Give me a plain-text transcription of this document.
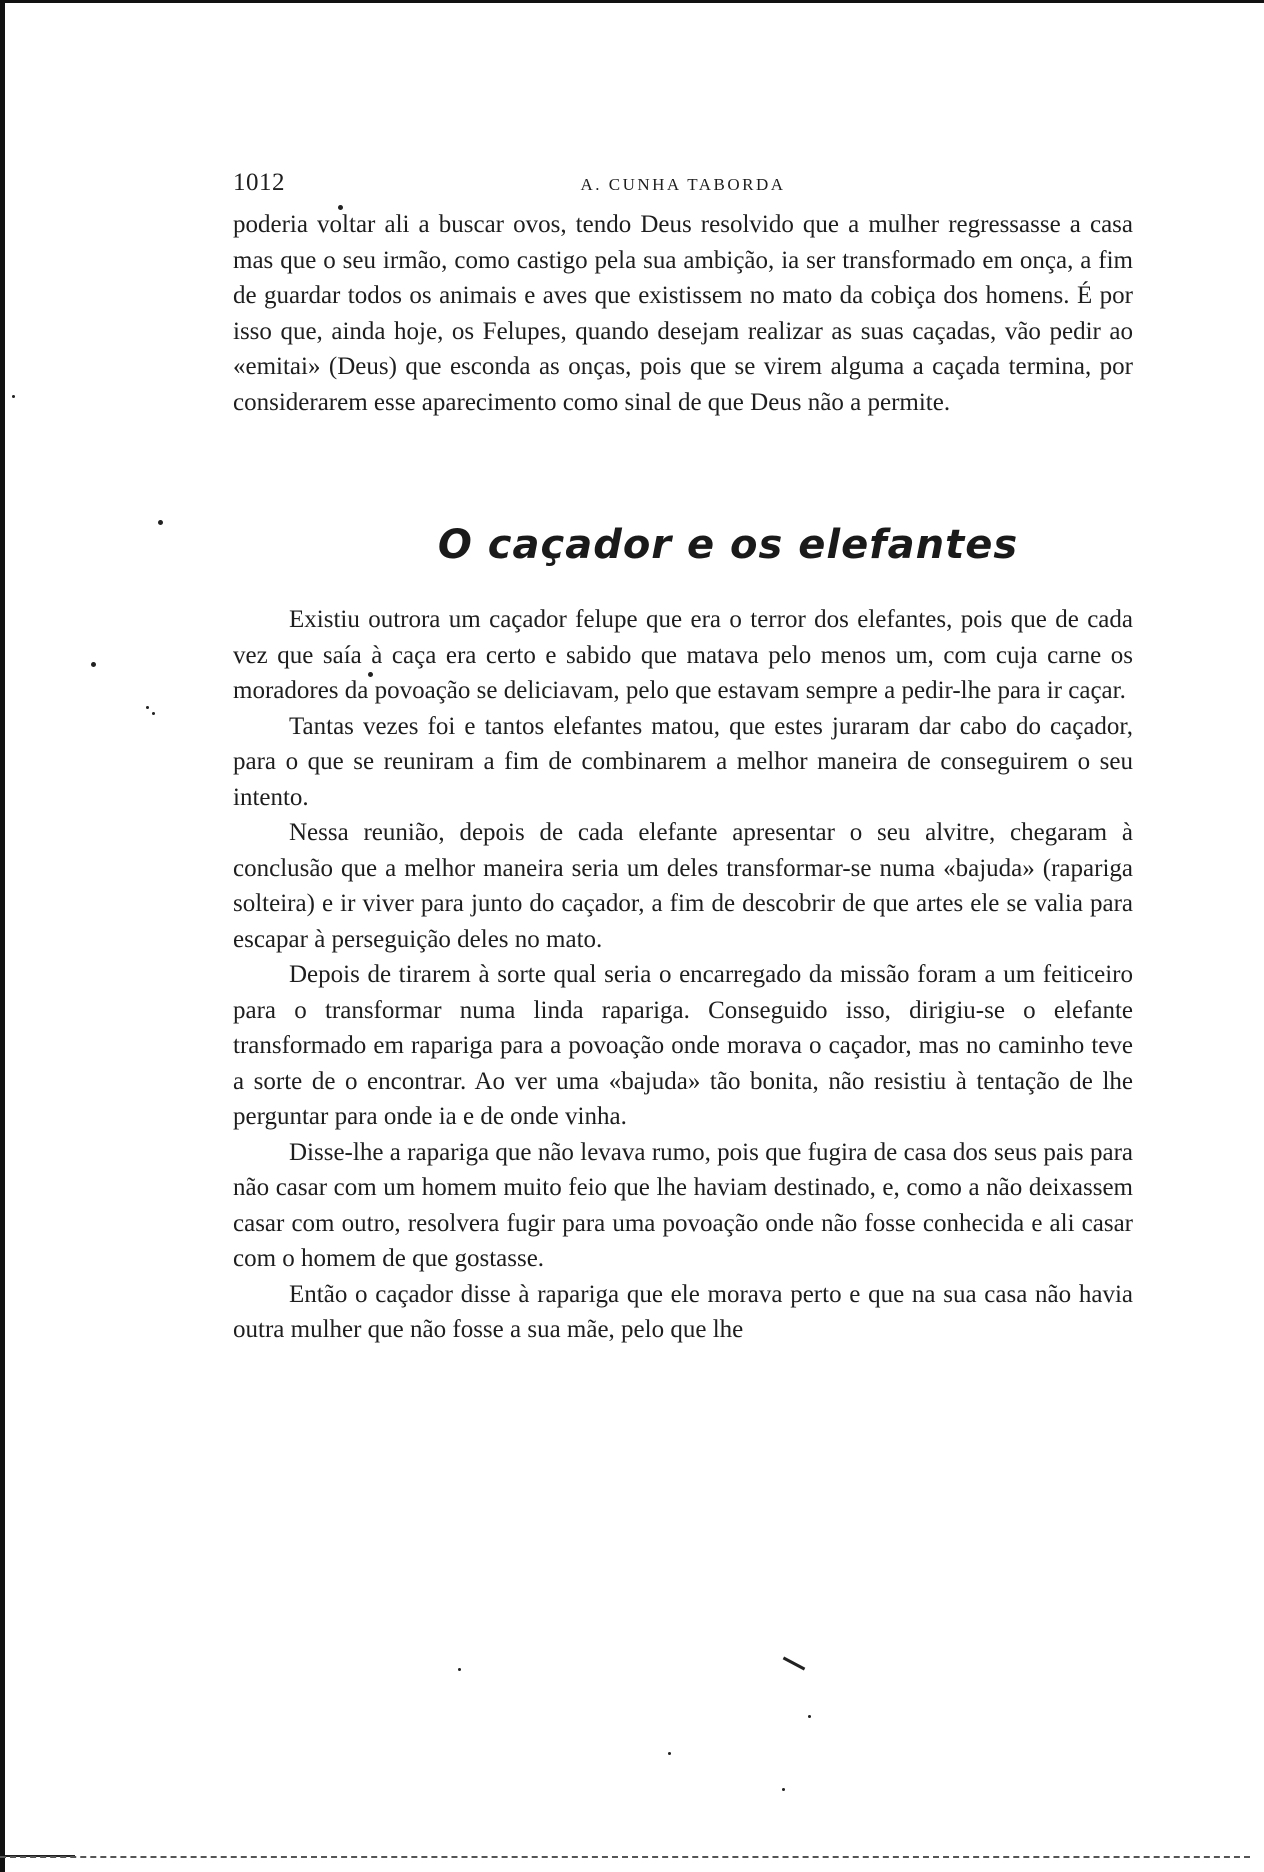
1012	A. CUNHA TABORDA

poderia voltar ali a buscar ovos, tendo Deus resolvido que a mulher regressasse a casa mas que o seu irmão, como castigo pela sua ambição, ia ser transformado em onça, a fim de guardar todos os animais e aves que existissem no mato da cobiça dos homens. É por isso que, ainda hoje, os Felupes, quando desejam realizar as suas caçadas, vão pedir ao «emitai» (Deus) que esconda as onças, pois que se virem alguma a caçada termina, por considerarem esse aparecimento como sinal de que Deus não a permite.

O caçador e os elefantes

Existiu outrora um caçador felupe que era o terror dos elefantes, pois que de cada vez que saía à caça era certo e sabido que matava pelo menos um, com cuja carne os moradores da povoação se deliciavam, pelo que estavam sempre a pedir-lhe para ir caçar.

Tantas vezes foi e tantos elefantes matou, que estes juraram dar cabo do caçador, para o que se reuniram a fim de combinarem a melhor maneira de conseguirem o seu intento.

Nessa reunião, depois de cada elefante apresentar o seu alvitre, chegaram à conclusão que a melhor maneira seria um deles transformar-se numa «bajuda» (rapariga solteira) e ir viver para junto do caçador, a fim de descobrir de que artes ele se valia para escapar à perseguição deles no mato.

Depois de tirarem à sorte qual seria o encarregado da missão foram a um feiticeiro para o transformar numa linda rapariga. Conseguido isso, dirigiu-se o elefante transformado em rapariga para a povoação onde morava o caçador, mas no caminho teve a sorte de o encontrar. Ao ver uma «bajuda» tão bonita, não resistiu à tentação de lhe perguntar para onde ia e de onde vinha.

Disse-lhe a rapariga que não levava rumo, pois que fugira de casa dos seus pais para não casar com um homem muito feio que lhe haviam destinado, e, como a não deixassem casar com outro, resolvera fugir para uma povoação onde não fosse conhecida e ali casar com o homem de que gostasse.

Então o caçador disse à rapariga que ele morava perto e que na sua casa não havia outra mulher que não fosse a sua mãe, pelo que lhe
